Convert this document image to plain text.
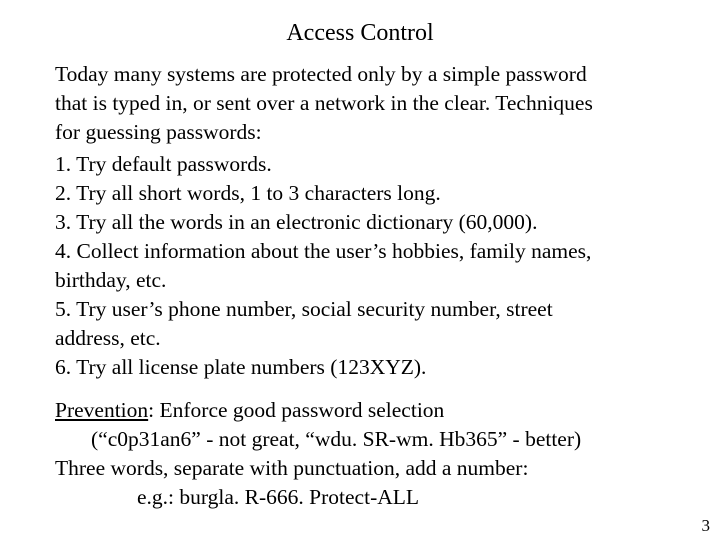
Access Control
Today many systems are protected only by a simple password
that is typed in, or sent over a network in the clear. Techniques
for guessing passwords:
1. Try default passwords.
2. Try all short words, 1 to 3 characters long.
3. Try all the words in an electronic dictionary (60,000).
4. Collect information about the user’s hobbies, family names,
birthday, etc.
5. Try user’s phone number, social security number, street
address, etc.
6. Try all license plate numbers (123XYZ).
Prevention: Enforce good password selection
(“c0p31an6” - not great, “wdu. SR-wm. Hb365” - better)
Three words, separate with punctuation, add a number:
e.g.: burgla. R-666. Protect-ALL
3
